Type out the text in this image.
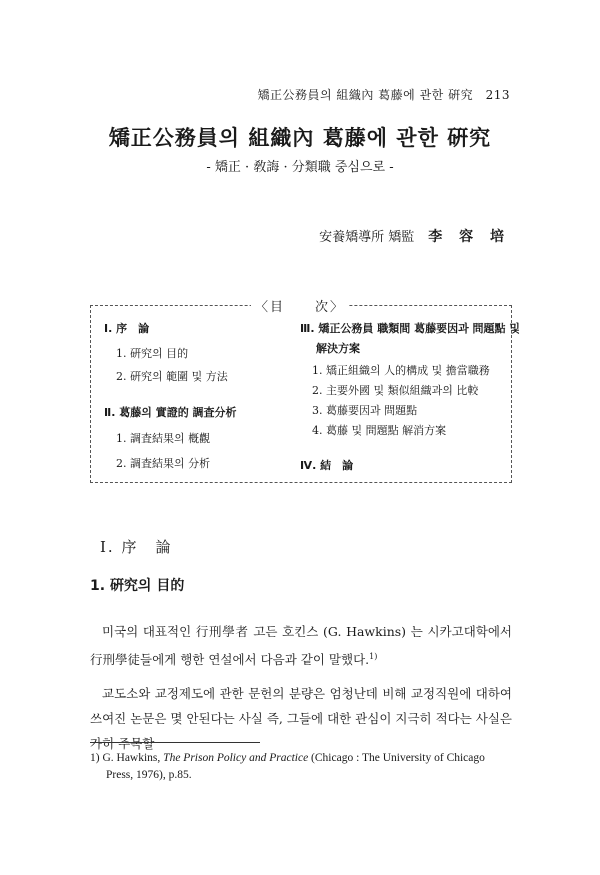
矯正公務員의 組織內 葛藤에 관한 硏究　213
矯正公務員의 組織內 葛藤에 관한 硏究
- 矯正 · 敎誨 · 分類職 중심으로 -
安養矯導所 矯監 李 容 培
〈目　　次〉
Ⅰ. 序　論
1. 硏究의 目的
2. 硏究의 範圍 및 方法
Ⅱ. 葛藤의 實證的 調査分析
1. 調査結果의 槪觀
2. 調査結果의 分析
Ⅲ. 矯正公務員 職類間 葛藤要因과 問題點 및
解決方案
1. 矯正組織의 人的構成 및 擔當職務
2. 主要外國 및 類似組織과의 比較
3. 葛藤要因과 問題點
4. 葛藤 및 問題點 解消方案
Ⅳ. 結　論
Ⅰ. 序　論
1. 硏究의 目的
미국의 대표적인 行刑學者 고든 호킨스 (G. Hawkins) 는 시카고대학에서 行刑學徒들에게 행한 연설에서 다음과 같이 말했다.$^{1)}$
교도소와 교정제도에 관한 문헌의 분량은 엄청난데 비해 교정직원에 대하여 쓰여진 논문은 몇 안된다는 사실 즉, 그들에 대한 관심이 지극히 적다는 사실은 가히 주목할
1) G. Hawkins, The Prison Policy and Practice (Chicago : The University of Chicago
Press, 1976), p.85.
